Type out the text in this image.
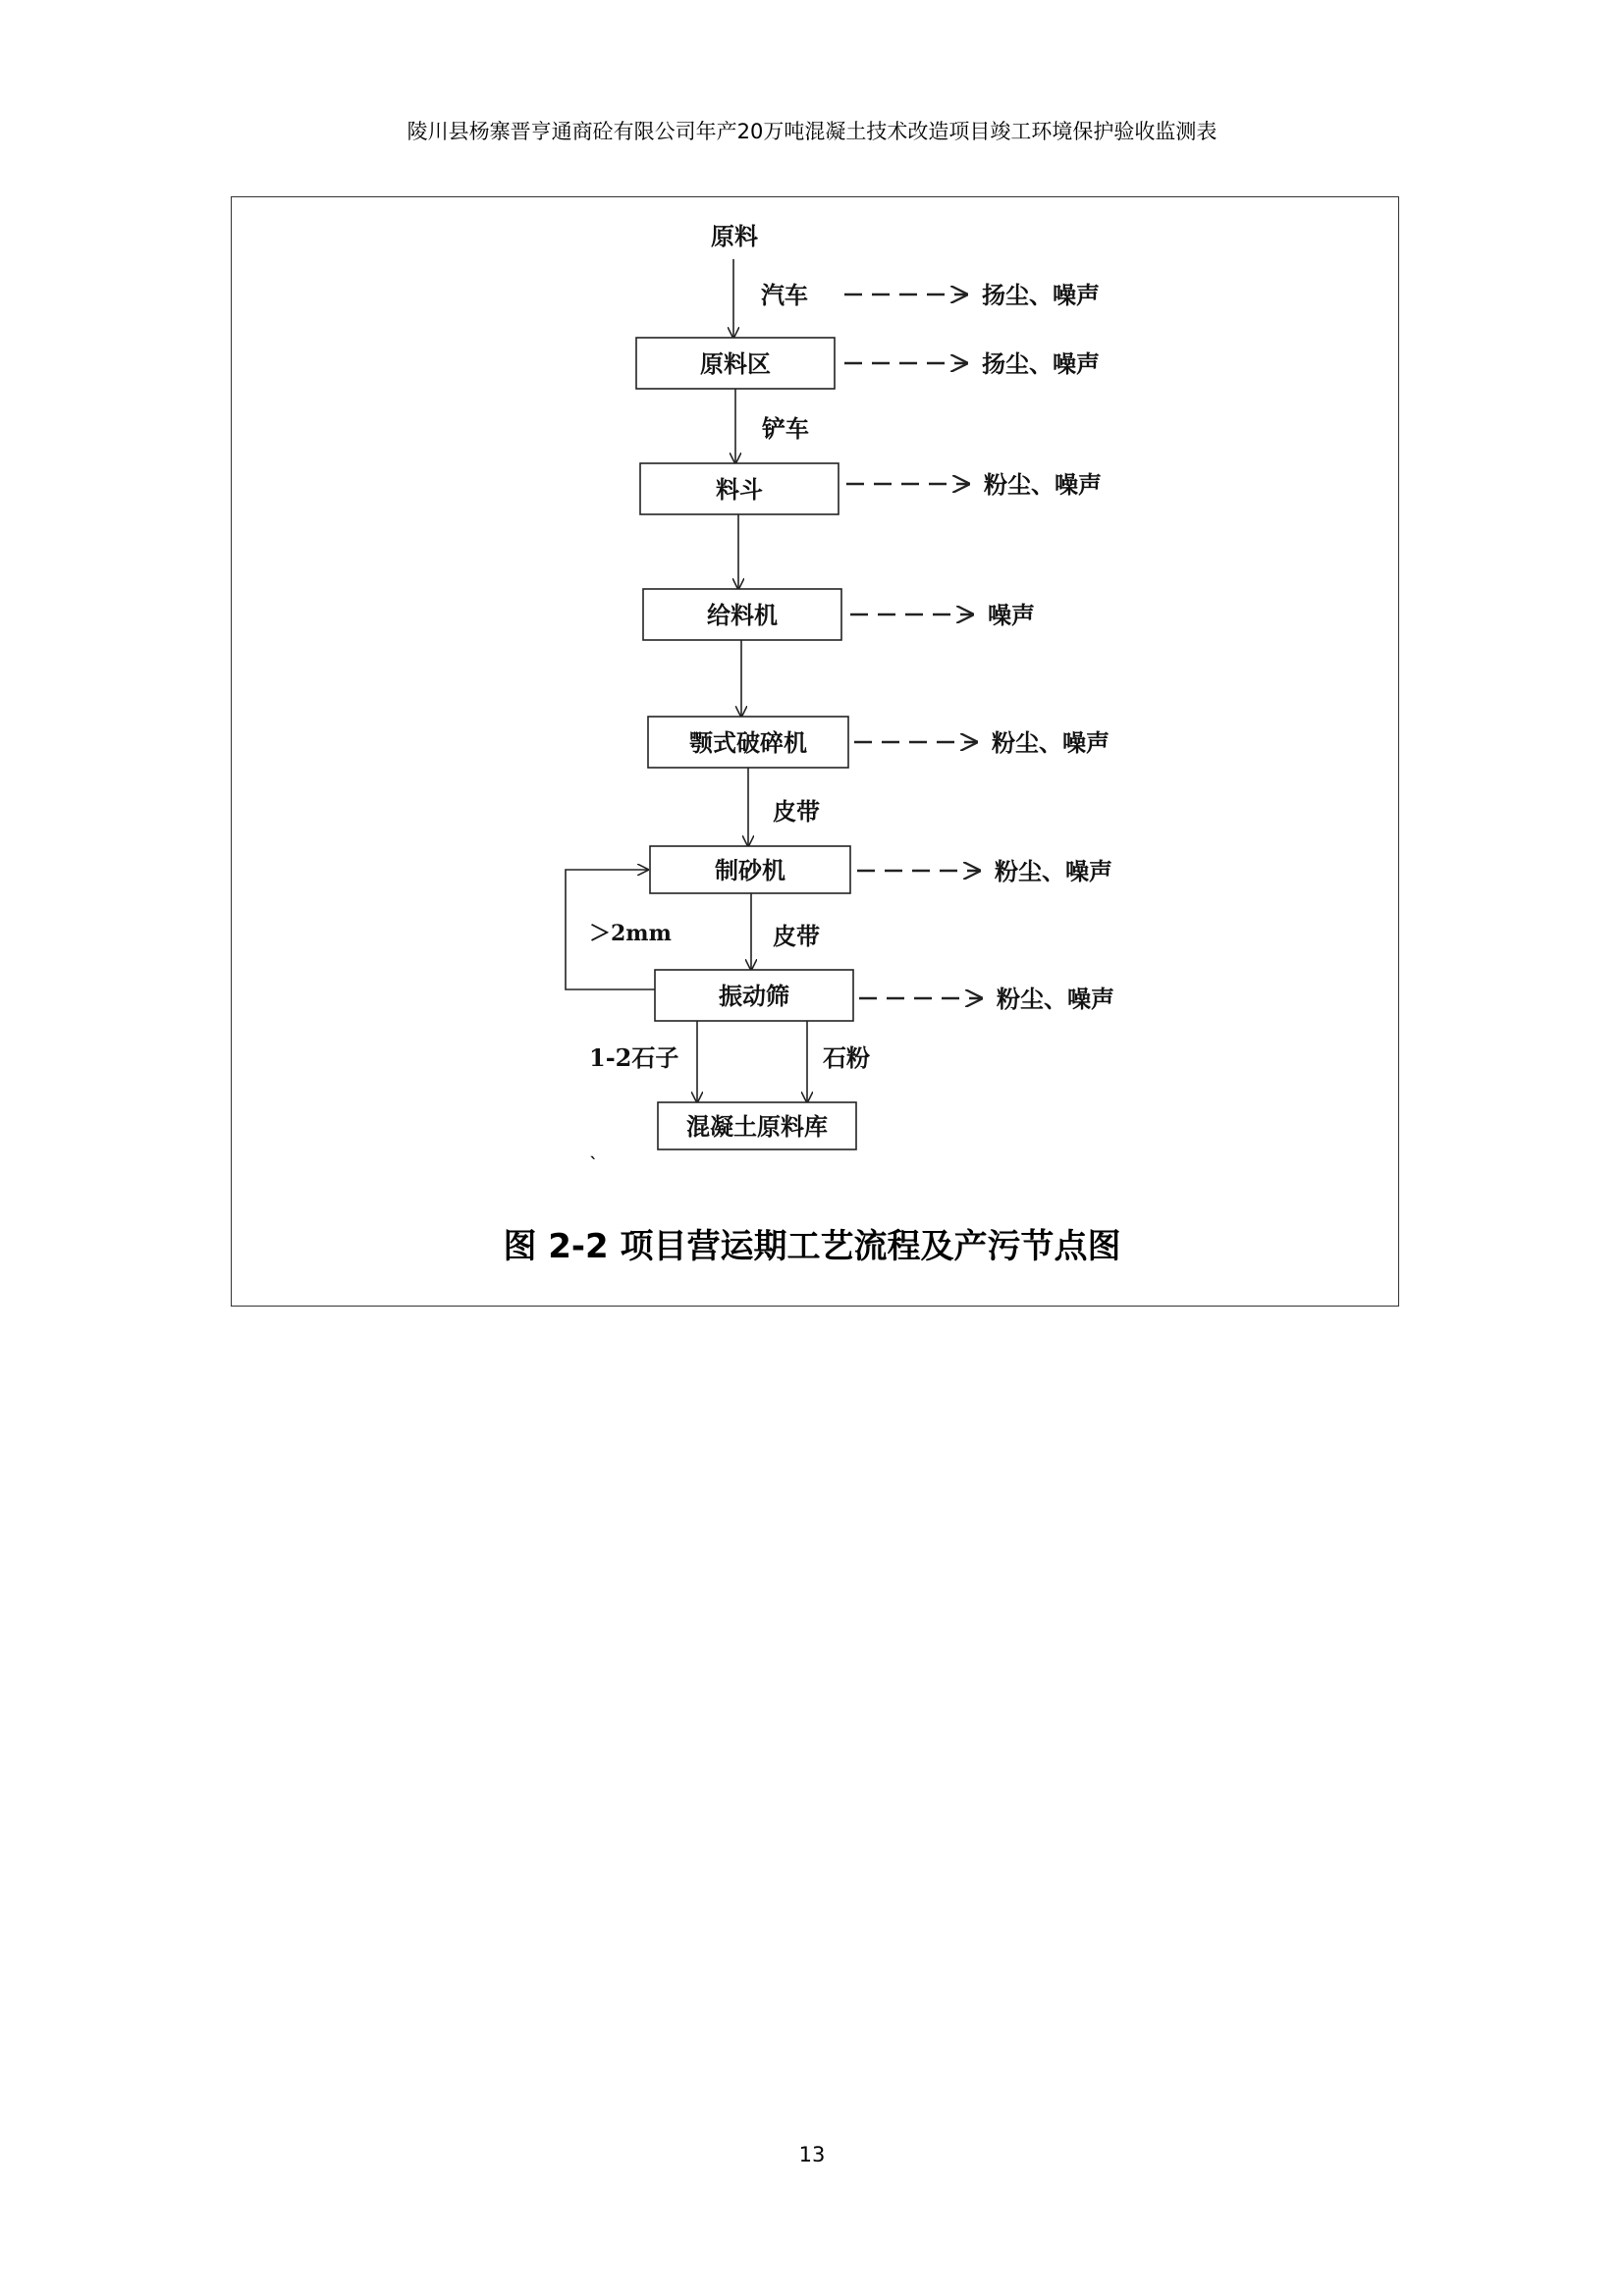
陵川县杨寨晋亨通商砼有限公司年产20万吨混凝土技术改造项目竣工环境保护验收监测表
原料
原料区
料斗
给料机
颚式破碎机
制砂机
振动筛
混凝土原料库
汽车
铲车
皮带
皮带
＞2mm
1-2石子	石粉
`
扬尘、噪声
扬尘、噪声
粉尘、噪声
噪声
粉尘、噪声
粉尘、噪声
粉尘、噪声
图 2-2 项目营运期工艺流程及产污节点图
13
